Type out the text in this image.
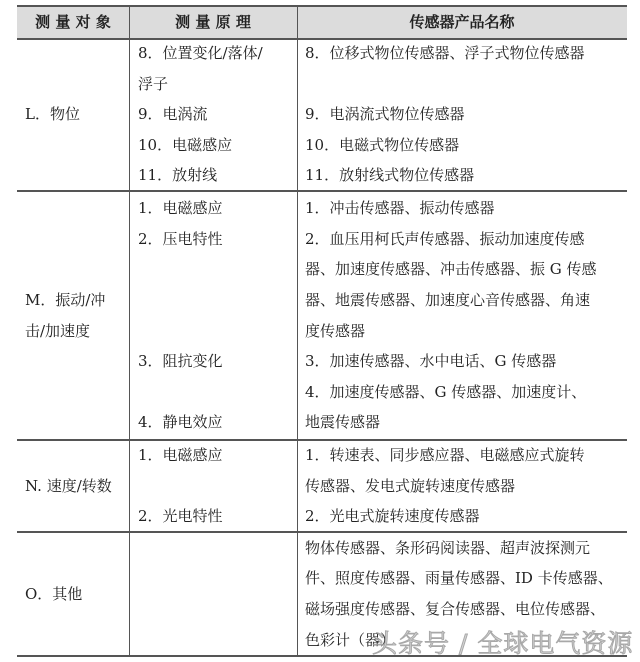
测 量 对 象	测 量 原 理	传感器产品名称
L．物位
8．位置变化/落体/
浮子
9．电涡流
10．电磁感应
11．放射线
8．位移式物位传感器、浮子式物位传感器
9．电涡流式物位传感器
10．电磁式物位传感器
11．放射线式物位传感器
M．振动/冲
击/加速度
1．电磁感应
2．压电特性
3．阻抗变化
4．静电效应
1．冲击传感器、振动传感器
2．血压用柯氏声传感器、振动加速度传感
器、加速度传感器、冲击传感器、振 G 传感
器、地震传感器、加速度心音传感器、角速
度传感器
3．加速传感器、水中电话、G 传感器
4．加速度传感器、G 传感器、加速度计、
地震传感器
N. 速度/转数
1．电磁感应
2．光电特性
1．转速表、同步感应器、电磁感应式旋转
传感器、发电式旋转速度传感器
2．光电式旋转速度传感器
O．其他
物体传感器、条形码阅读器、超声波探测元
件、照度传感器、雨量传感器、ID 卡传感器、
磁场强度传感器、复合传感器、电位传感器、
色彩计（器）
头条号 / 全球电气资源
